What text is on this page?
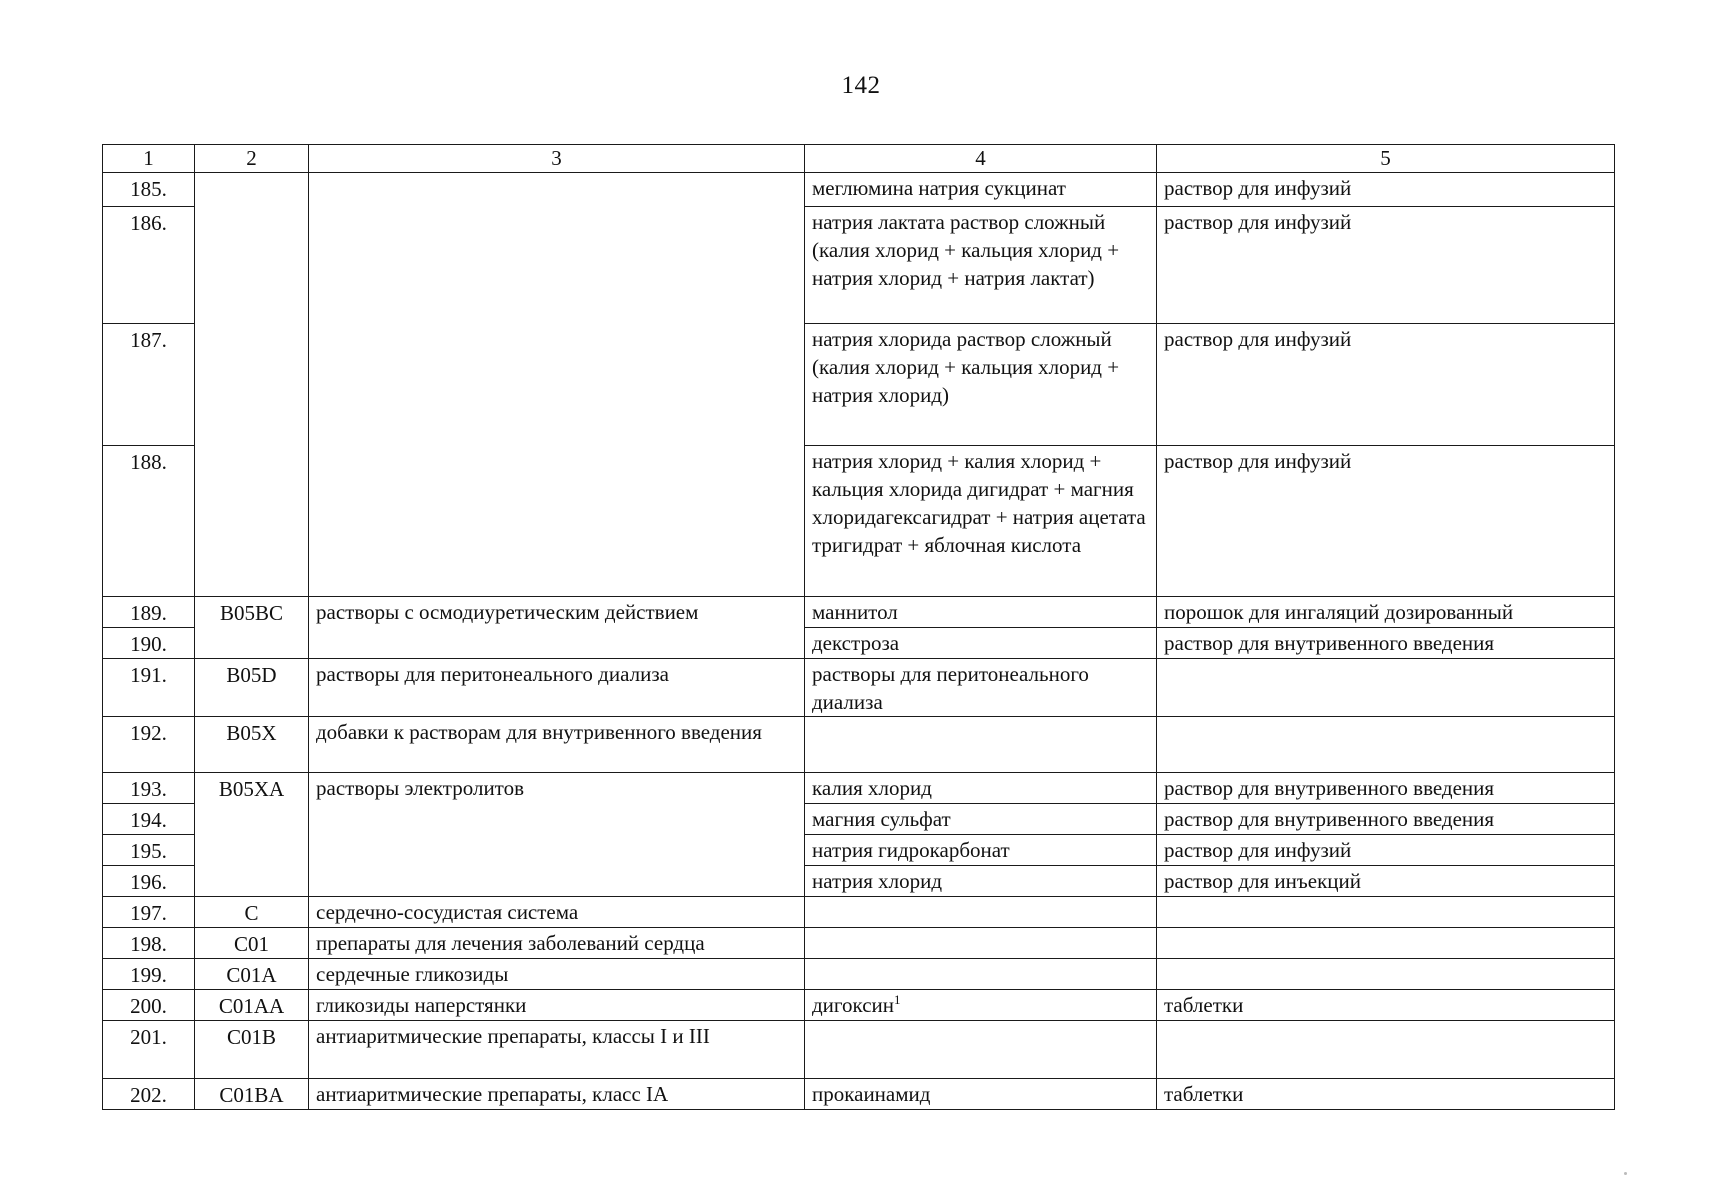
142
1	2	3	4	5
185.			меглюмина натрия сукцинат	раствор для инфузий
186.			натрия лактата раствор сложный (калия хлорид + кальция хлорид + натрия хлорид + натрия лактат)	раствор для инфузий
187.			натрия хлорида раствор сложный (калия хлорид + кальция хлорид + натрия хлорид)	раствор для инфузий
188.			натрия хлорид + калия хлорид + кальция хлорида дигидрат + магния хлоридагексагидрат + натрия ацетата тригидрат + яблочная кислота	раствор для инфузий
189.	B05BC	растворы с осмодиуретическим действием	маннитол	порошок для ингаляций дозированный
190.			декстроза	раствор для внутривенного введения
191.	B05D	растворы для перитонеального диализа	растворы для перитонеального диализа	
192.	B05X	добавки к растворам для внутривенного введения		
193.	B05XA	растворы электролитов	калия хлорид	раствор для внутривенного введения
194.			магния сульфат	раствор для внутривенного введения
195.			натрия гидрокарбонат	раствор для инфузий
196.			натрия хлорид	раствор для инъекций
197.	C	сердечно-сосудистая система		
198.	C01	препараты для лечения заболеваний сердца		
199.	C01A	сердечные гликозиды		
200.	C01AA	гликозиды наперстянки	дигоксин$^1$	таблетки
201.	C01B	антиаритмические препараты, классы I и III		
202.	C01BA	антиаритмические препараты, класс IA	прокаинамид	таблетки
